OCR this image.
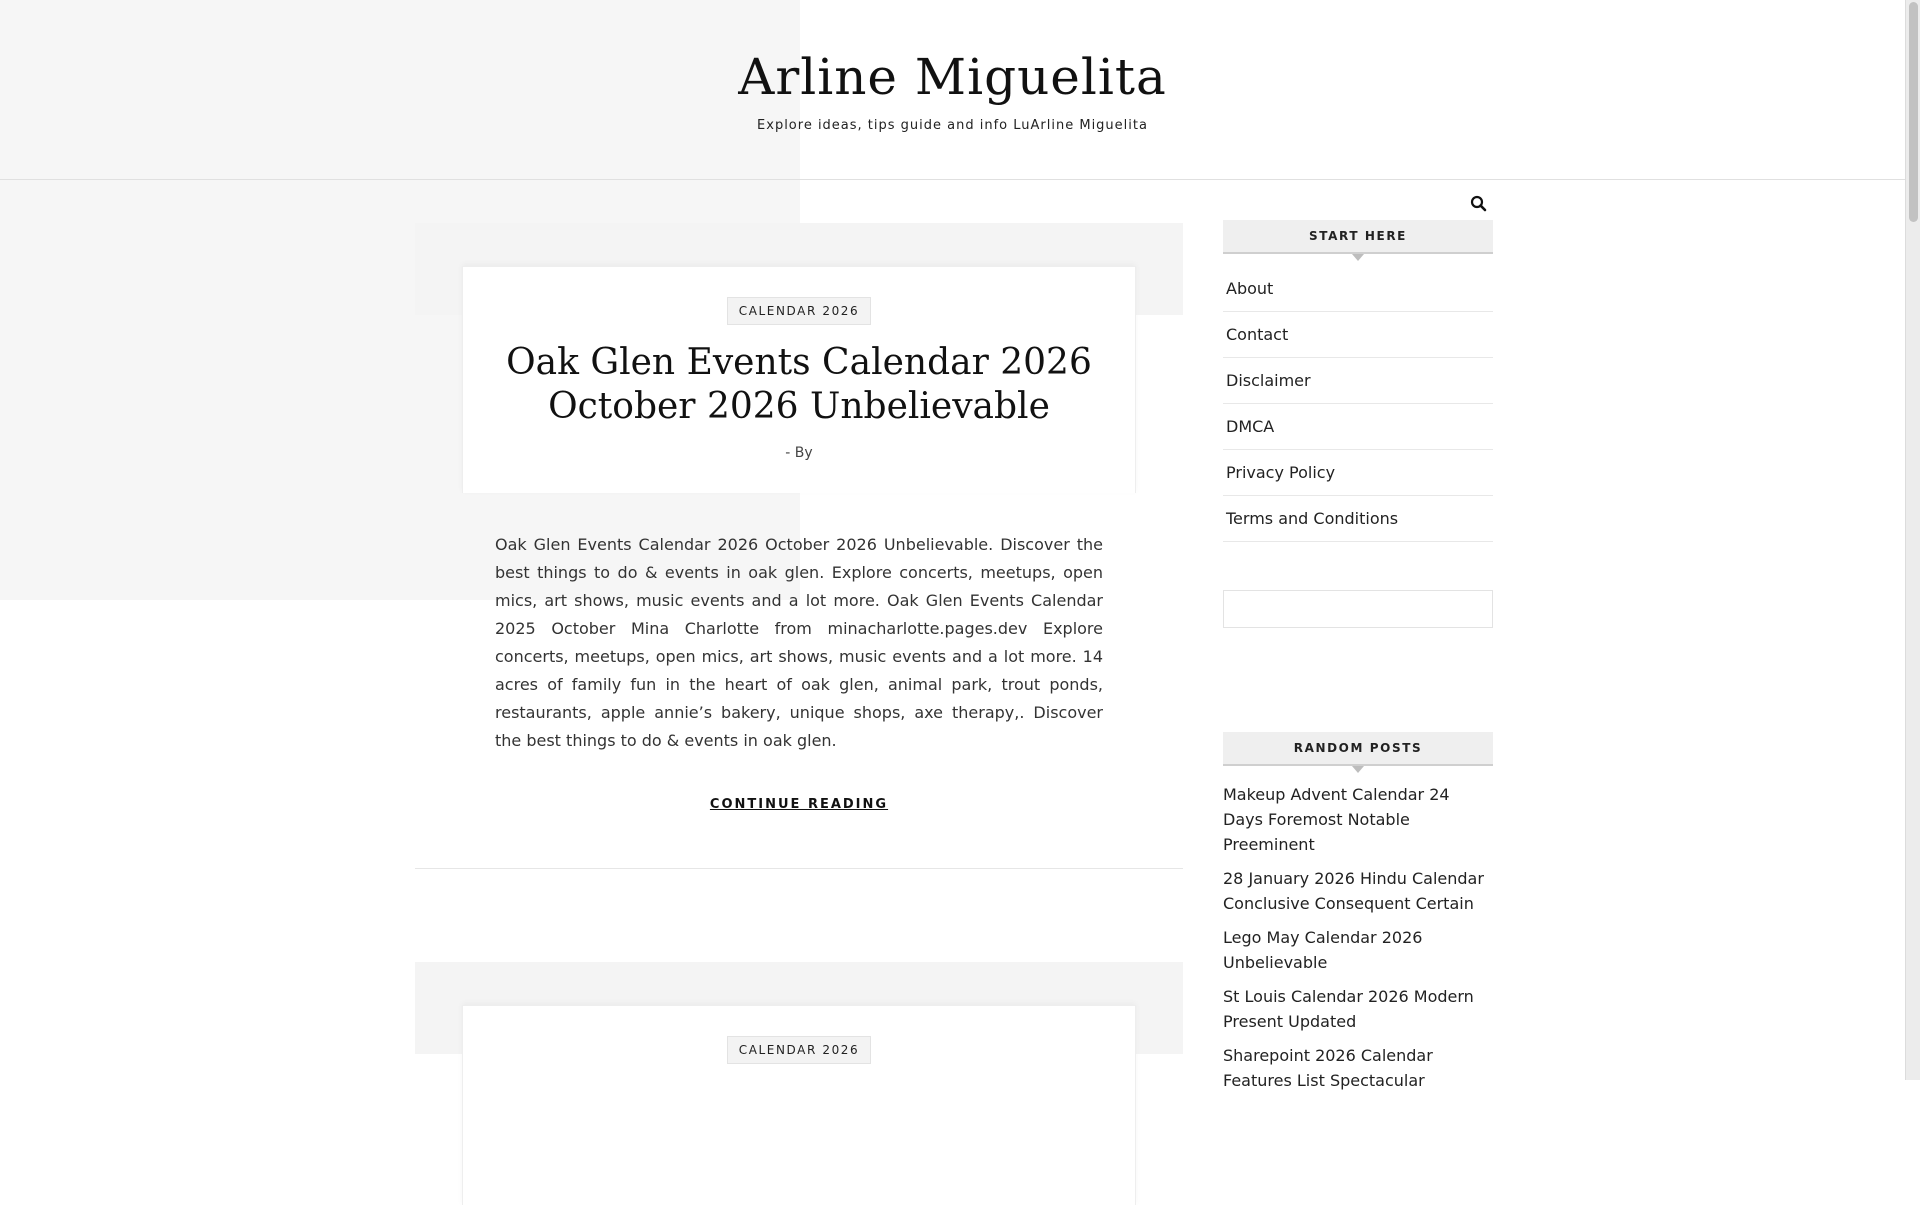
Arline Miguelita
Explore ideas, tips guide and info LuArline Miguelita
CALENDAR 2026
Oak Glen Events Calendar 2026 October 2026 Unbelievable
- By

Oak Glen Events Calendar 2026 October 2026 Unbelievable. Discover the best things to do & events in oak glen. Explore concerts, meetups, open mics, art shows, music events and a lot more. Oak Glen Events Calendar 2025 October Mina Charlotte from minacharlotte.pages.dev Explore concerts, meetups, open mics, art shows, music events and a lot more. 14 acres of family fun in the heart of oak glen, animal park, trout ponds, restaurants, apple annie’s bakery, unique shops, axe therapy,. Discover the best things to do & events in oak glen.

CONTINUE READING
CALENDAR 2026
START HERE
About
Contact
Disclaimer
DMCA
Privacy Policy
Terms and Conditions
RANDOM POSTS
Makeup Advent Calendar 24 Days Foremost Notable Preeminent
28 January 2026 Hindu Calendar Conclusive Consequent Certain
Lego May Calendar 2026 Unbelievable
St Louis Calendar 2026 Modern Present Updated
Sharepoint 2026 Calendar Features List Spectacular
